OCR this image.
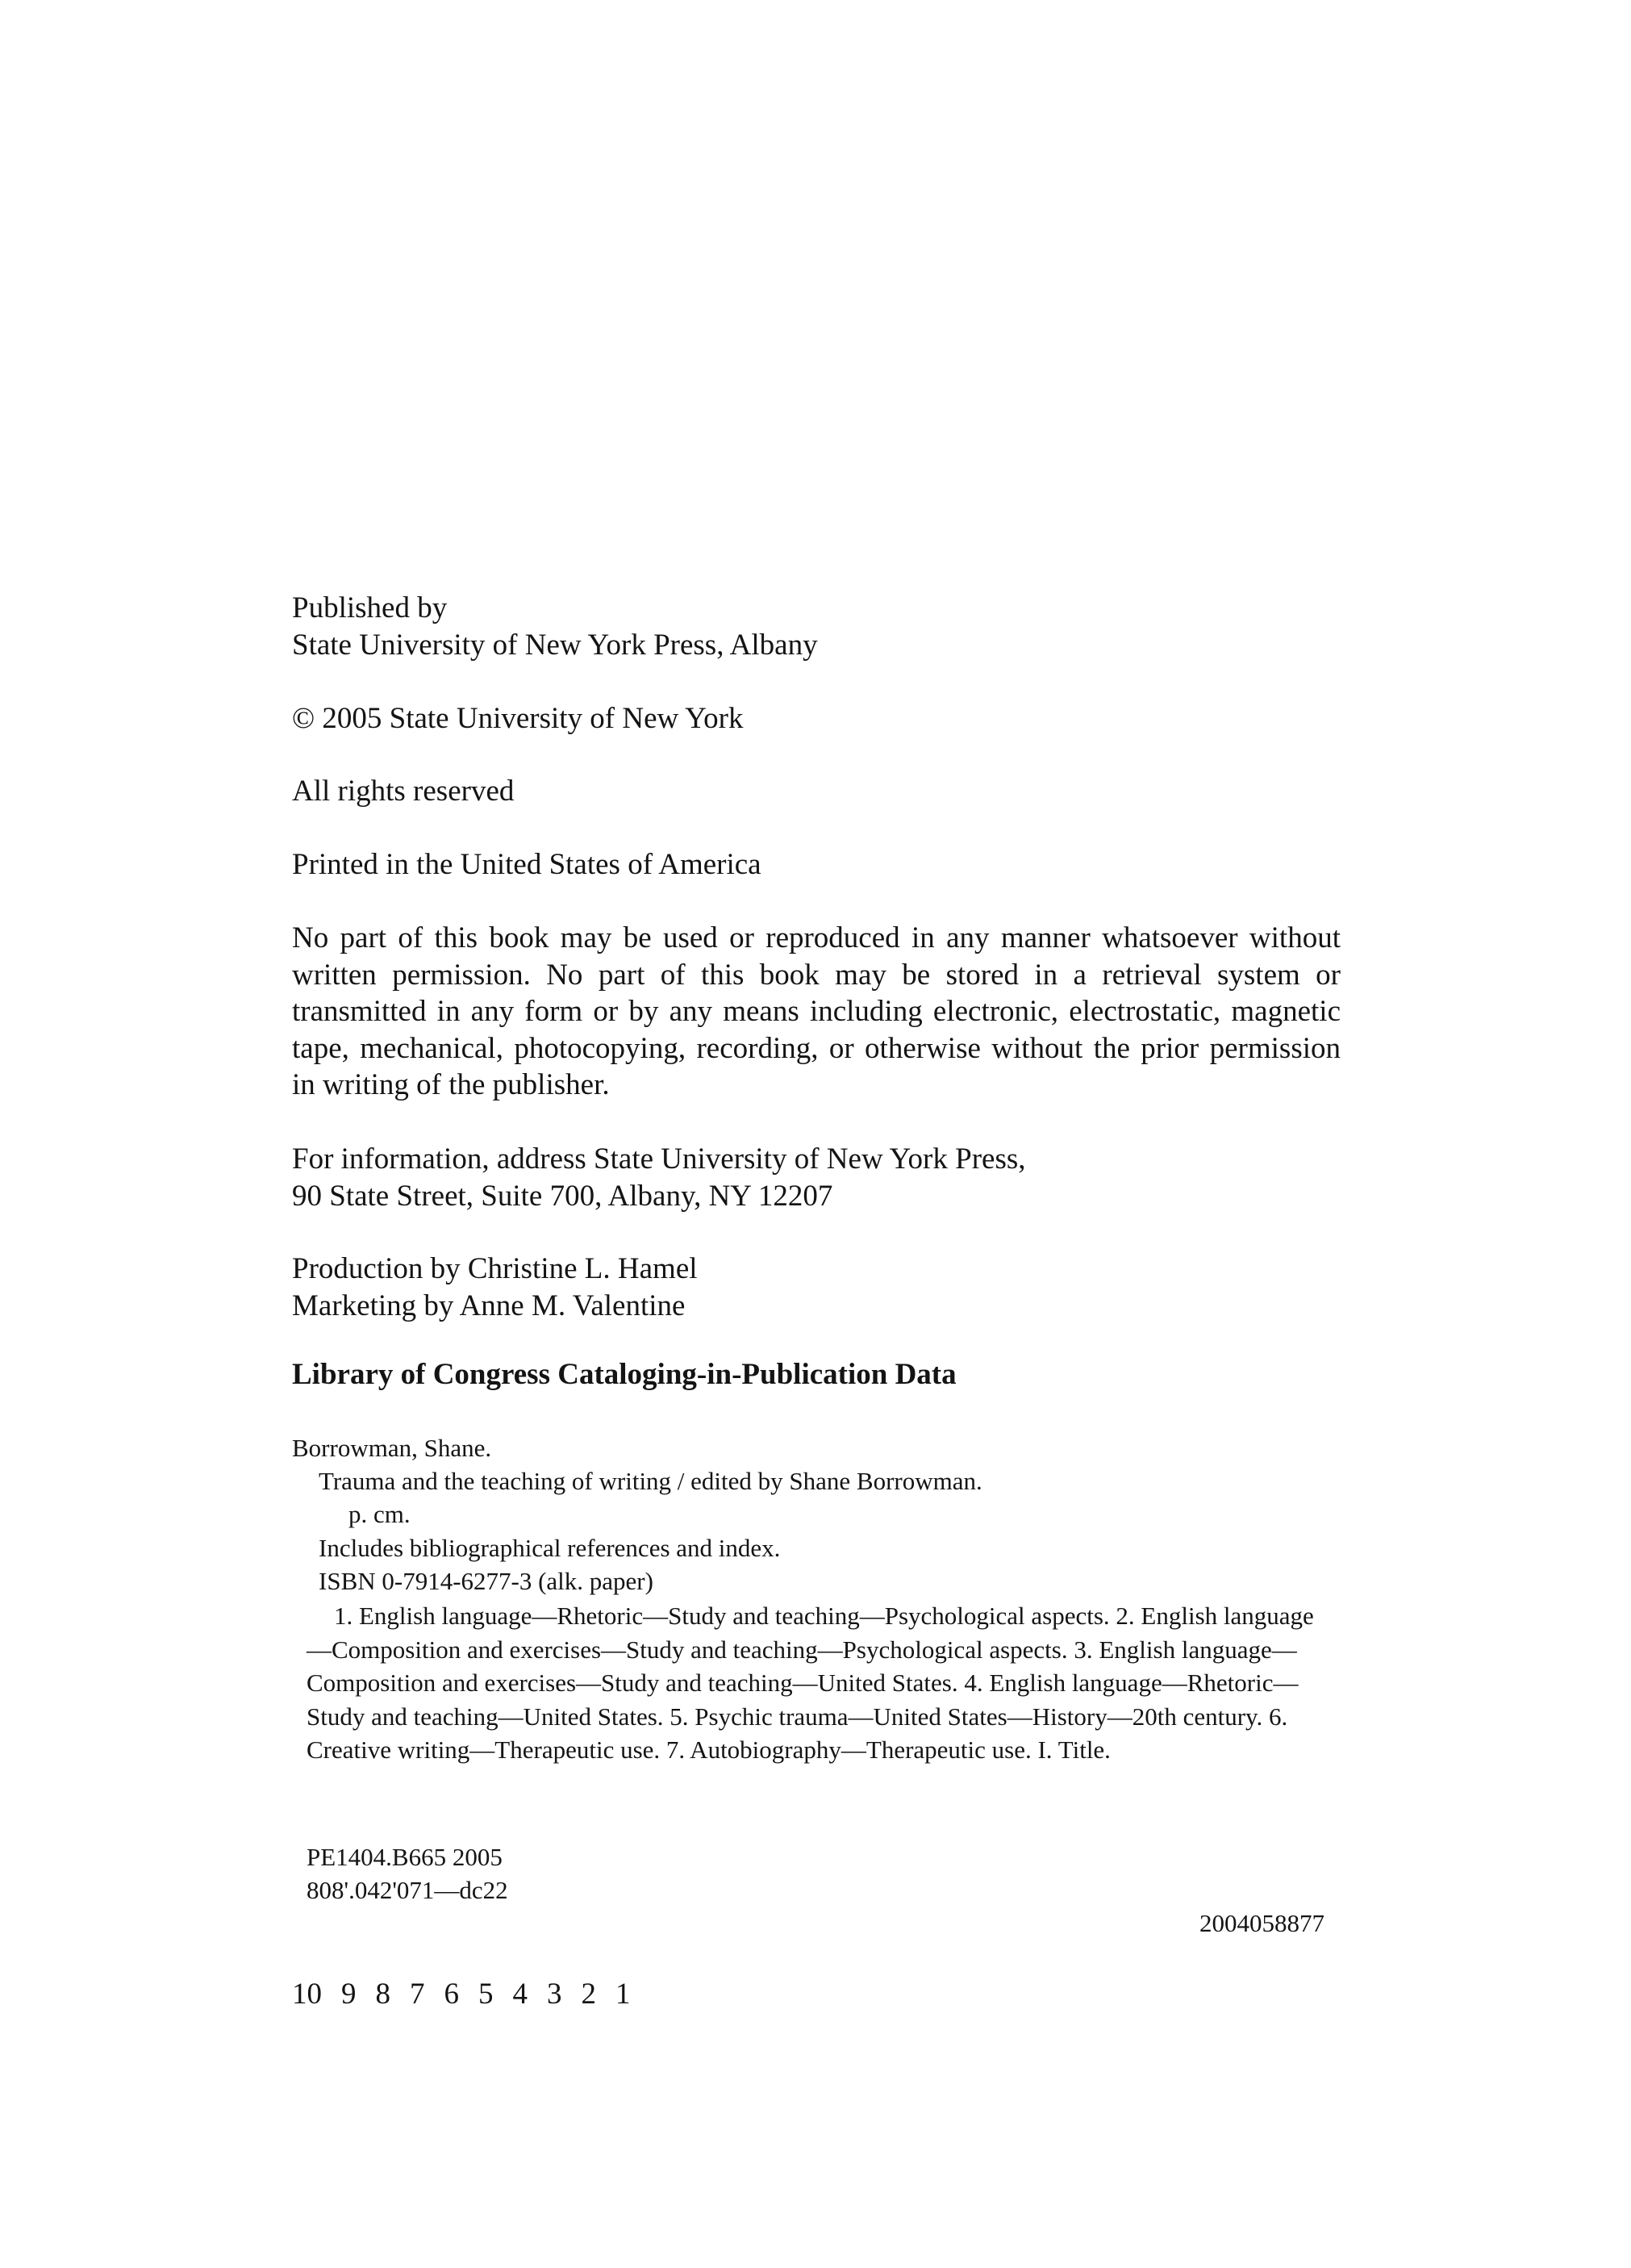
Published by
State University of New York Press, Albany

© 2005 State University of New York

All rights reserved

Printed in the United States of America

No part of this book may be used or reproduced in any manner whatsoever without written permission. No part of this book may be stored in a retrieval system or transmitted in any form or by any means including electronic, electrostatic, magnetic tape, mechanical, photocopying, recording, or otherwise without the prior permission in writing of the publisher.

For information, address State University of New York Press,
90 State Street, Suite 700, Albany, NY 12207

Production by Christine L. Hamel
Marketing by Anne M. Valentine

Library of Congress Cataloging-in-Publication Data

Borrowman, Shane.

Trauma and the teaching of writing / edited by Shane Borrowman.

p. cm.

Includes bibliographical references and index.

ISBN 0-7914-6277-3 (alk. paper)

1. English language—Rhetoric—Study and teaching—Psychological aspects. 2. English language—Composition and exercises—Study and teaching—Psychological aspects. 3. English language—Composition and exercises—Study and teaching—United States. 4. English language—Rhetoric—Study and teaching—United States. 5. Psychic trauma—United States—History—20th century. 6. Creative writing—Therapeutic use. 7. Autobiography—Therapeutic use. I. Title.

PE1404.B665 2005

808'.042'071—dc22

2004058877

10 9 8 7 6 5 4 3 2 1
